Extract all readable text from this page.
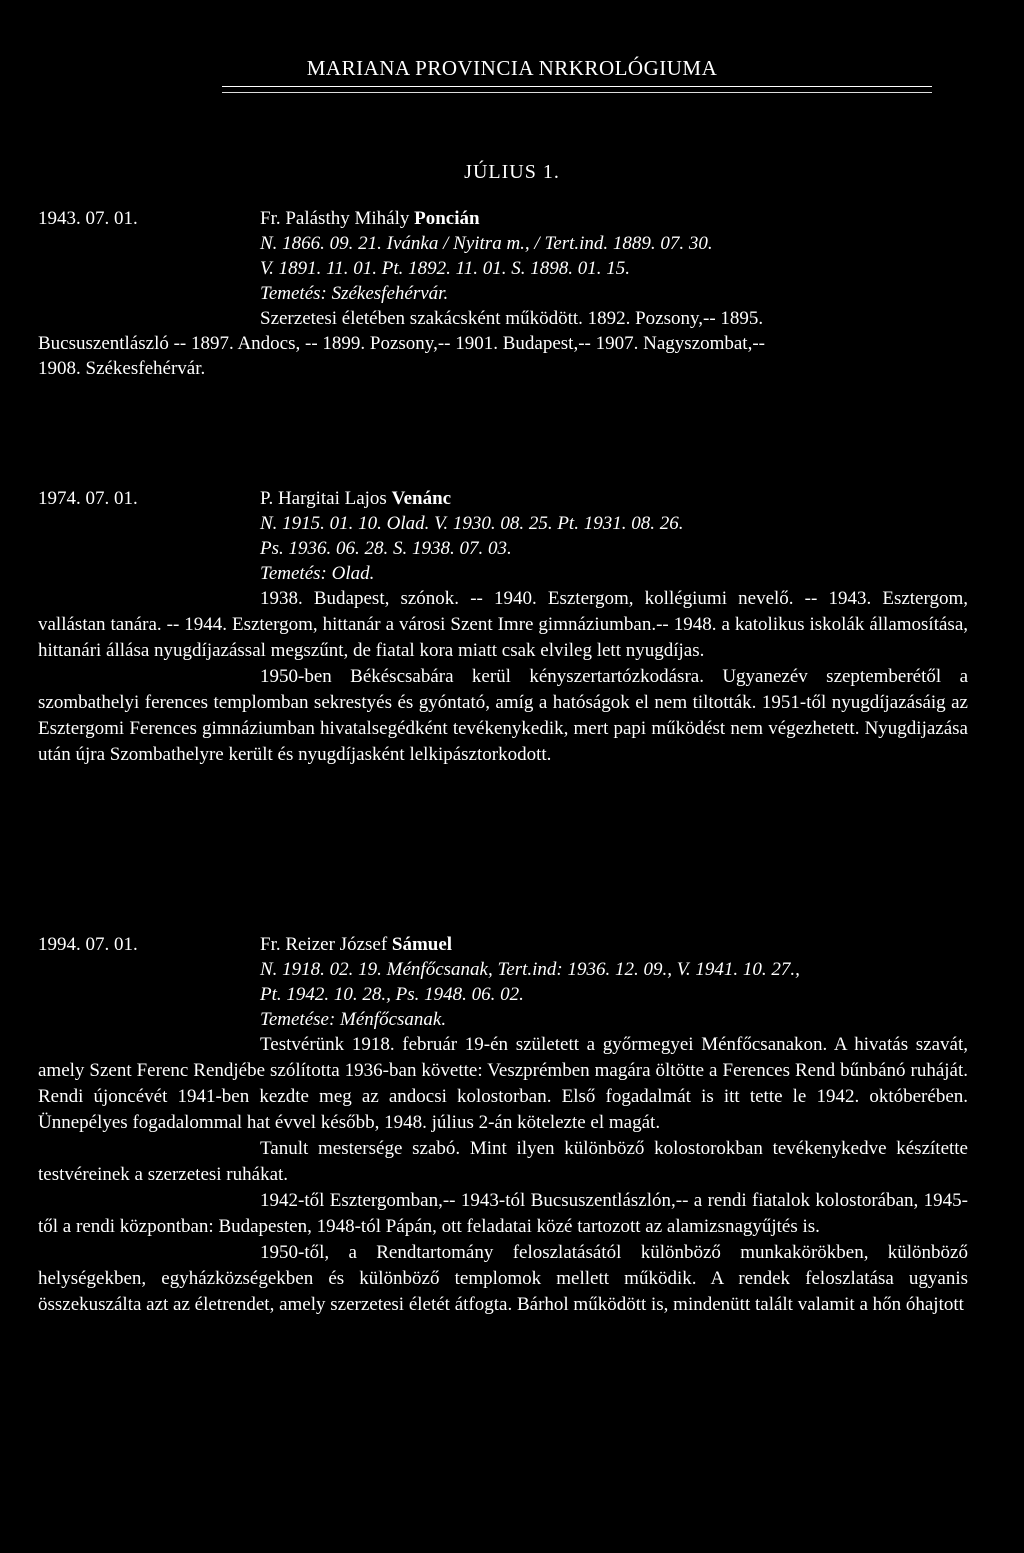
MARIANA PROVINCIA NRKROLÓGIUMA
JÚLIUS 1.
1943. 07. 01.	Fr. Palásthy Mihály Poncián
N. 1866. 09. 21. Ivánka / Nyitra m., / Tert.ind. 1889. 07. 30.
V. 1891. 11. 01. Pt. 1892. 11. 01. S. 1898. 01. 15.
Temetés: Székesfehérvár.
Szerzetesi életében szakácsként működött. 1892. Pozsony,-- 1895.
Bucsuszentlászló -- 1897. Andocs, -- 1899. Pozsony,-- 1901. Budapest,-- 1907. Nagyszombat,--
1908. Székesfehérvár.
1974. 07. 01.	P. Hargitai Lajos Venánc
N. 1915. 01. 10. Olad. V. 1930. 08. 25. Pt. 1931. 08. 26.
Ps. 1936. 06. 28. S. 1938. 07. 03.
Temetés: Olad.

1938. Budapest, szónok. -- 1940. Esztergom, kollégiumi nevelő. -- 1943. Esztergom, vallástan tanára. -- 1944. Esztergom, hittanár a városi Szent Imre gimnáziumban.-- 1948. a katolikus iskolák államosítása, hittanári állása nyugdíjazással megszűnt, de fiatal kora miatt csak elvileg lett nyugdíjas.

1950-ben Békéscsabára kerül kényszertartózkodásra. Ugyanezév szeptemberétől a szombathelyi ferences templomban sekrestyés és gyóntató, amíg a hatóságok el nem tiltották. 1951-től nyugdíjazásáig az Esztergomi Ferences gimnáziumban hivatalsegédként tevékenykedik, mert papi működést nem végezhetett. Nyugdijazása után újra Szombathelyre került és nyugdíjasként lelkipásztorkodott.

1994. 07. 01.	Fr. Reizer József Sámuel
N. 1918. 02. 19. Ménfőcsanak, Tert.ind: 1936. 12. 09., V. 1941. 10. 27.,
Pt. 1942. 10. 28., Ps. 1948. 06. 02.
Temetése: Ménfőcsanak.

Testvérünk 1918. február 19-én született a győrmegyei Ménfőcsanakon. A hivatás szavát, amely Szent Ferenc Rendjébe szólította 1936-ban követte: Veszprémben magára öltötte a Ferences Rend bűnbánó ruháját. Rendi újoncévét 1941-ben kezdte meg az andocsi kolostorban. Első fogadalmát is itt tette le 1942. októberében. Ünnepélyes fogadalommal hat évvel később, 1948. július 2-án kötelezte el magát.

Tanult mestersége szabó. Mint ilyen különböző kolostorokban tevékenykedve készítette testvéreinek a szerzetesi ruhákat.

1942-től Esztergomban,-- 1943-tól Bucsuszentlászlón,-- a rendi fiatalok kolostorában, 1945-től a rendi központban: Budapesten, 1948-tól Pápán, ott feladatai közé tartozott az alamizsnagyűjtés is.

1950-től, a Rendtartomány feloszlatásától különböző munkakörökben, különböző helységekben, egyházközségekben és különböző templomok mellett működik. A rendek feloszlatása ugyanis összekuszálta azt az életrendet, amely szerzetesi életét átfogta. Bárhol működött is, mindenütt talált valamit a hőn óhajtott
